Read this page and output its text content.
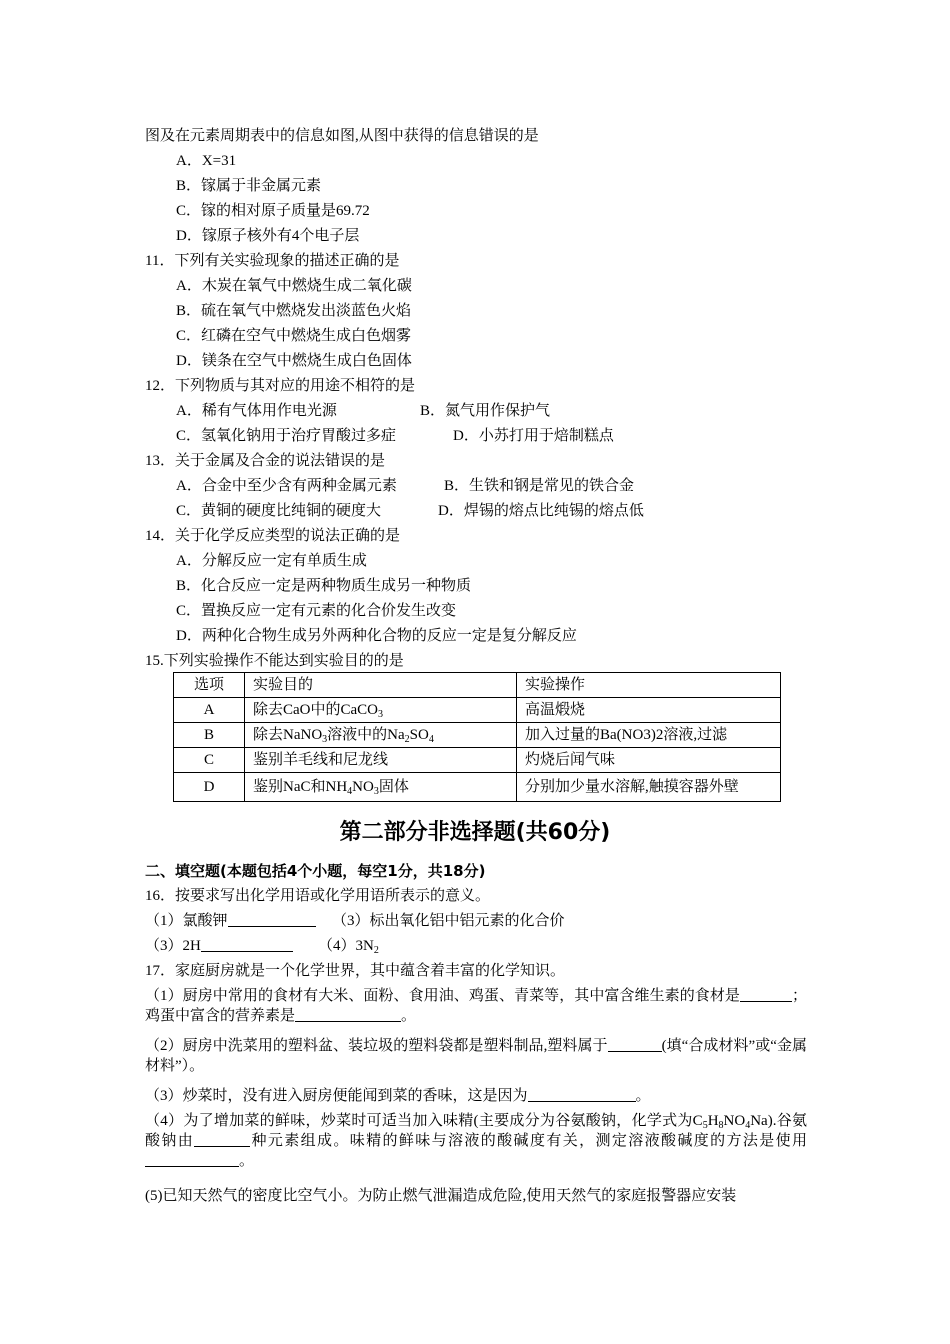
图及在元素周期表中的信息如图,从图中获得的信息错误的是
A．X=31
B．镓属于非金属元素
C．镓的相对原子质量是69.72
D．镓原子核外有4个电子层
11．下列有关实验现象的描述正确的是
A．木炭在氧气中燃烧生成二氧化碳
B．硫在氧气中燃烧发出淡蓝色火焰
C．红磷在空气中燃烧生成白色烟雾
D．镁条在空气中燃烧生成白色固体
12．下列物质与其对应的用途不相符的是
A．稀有气体用作电光源	B．氮气用作保护气
C．氢氧化钠用于治疗胃酸过多症	D．小苏打用于焙制糕点
13．关于金属及合金的说法错误的是
A．合金中至少含有两种金属元素	B．生铁和钢是常见的铁合金
C．黄铜的硬度比纯铜的硬度大	D．焊锡的熔点比纯锡的熔点低
14．关于化学反应类型的说法正确的是
A．分解反应一定有单质生成
B．化合反应一定是两种物质生成另一种物质
C．置换反应一定有元素的化合价发生改变
D．两种化合物生成另外两种化合物的反应一定是复分解反应
15.下列实验操作不能达到实验目的的是
选项	实验目的	实验操作
A	除去CaO中的CaCO$_3$	高温煅烧
B	除去NaNO$_3$溶液中的$Na_2SO_4$	加入过量的Ba(NO3)2溶液,过滤
C	鉴别羊毛线和尼龙线	灼烧后闻气味
D	鉴别NaC和$NH_4NO_3$固体	分别加少量水溶解,触摸容器外壁
第二部分非选择题(共60分)
二、填空题(本题包括4个小题，每空1分，共18分)
16．按要求写出化学用语或化学用语所表示的意义。
（1）氯酸钾	（3）标出氧化铝中铝元素的化合价
（3）2H	$(4)3N_2$
17．家庭厨房就是一个化学世界，其中蕴含着丰富的化学知识。
（1）厨房中常用的食材有大米、面粉、食用油、鸡蛋、青菜等，其中富含维生素的食材是	；鸡蛋中富含的营养素是	。
（2）厨房中洗菜用的塑料盆、装垃圾的塑料袋都是塑料制品,塑料属于	(填“合成材料”或“金属材料”）。
（3）炒菜时，没有进入厨房便能闻到菜的香味，这是因为	。
（4）为了增加菜的鲜味，炒菜时可适当加入味精(主要成分为谷氨酸钠，化学式为$C_5H_8NO_4Na$).谷氨酸钠由	种元素组成。味精的鲜味与溶液的酸碱度有关，测定溶液酸碱度的方法是使用。
(5)已知天然气的密度比空气小。为防止燃气泄漏造成危险,使用天然气的家庭报警器应安装
